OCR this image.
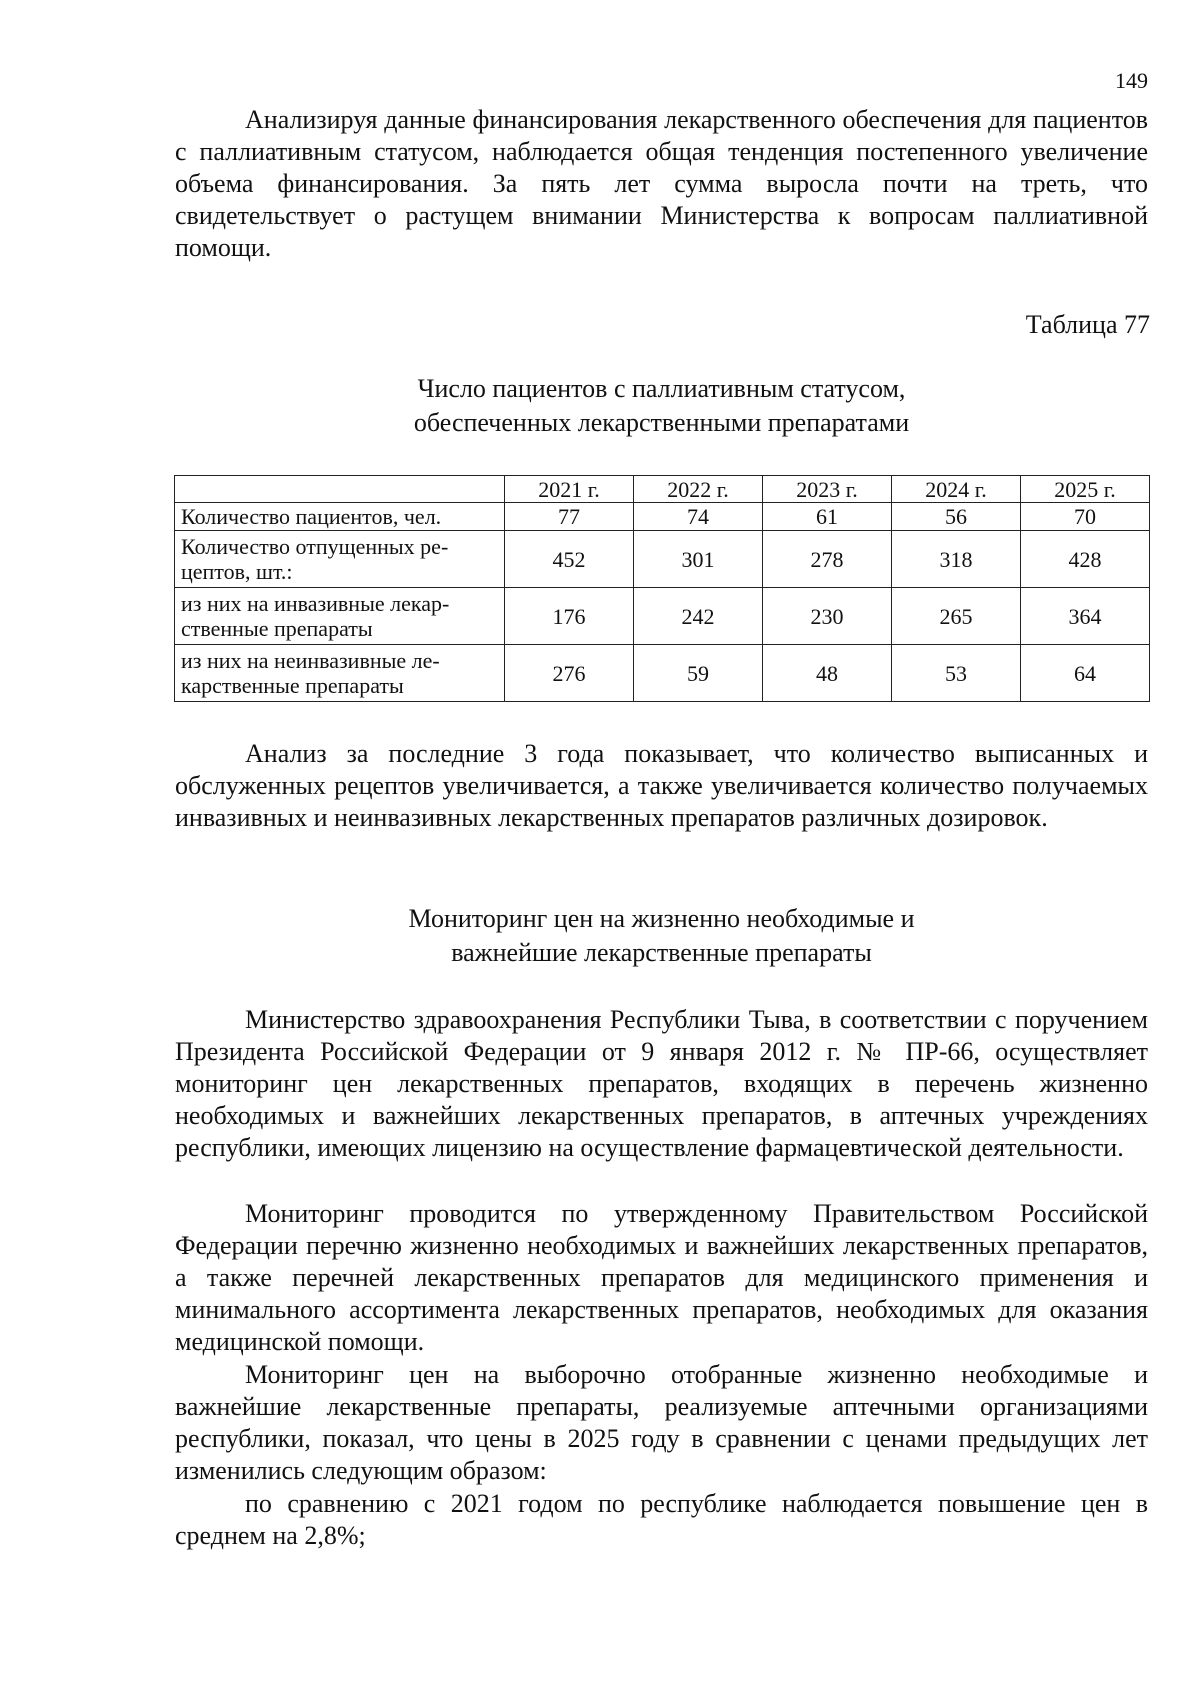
149

Анализируя данные финансирования лекарственного обеспечения для пациентов с паллиативным статусом, наблюдается общая тенденция постепенного увеличение объема финансирования. За пять лет сумма выросла почти на треть, что свидетельствует о растущем внимании Министерства к вопросам паллиативной помощи.

Таблица 77
Число пациентов с паллиативным статусом,
обеспеченных лекарственными препаратами
	2021 г.	2022 г.	2023 г.	2024 г.	2025 г.
Количество пациентов, чел.	77	74	61	56	70
Количество отпущенных рецептов, шт.:	452	301	278	318	428
из них на инвазивные лекарственные препараты	176	242	230	265	364
из них на неинвазивные лекарственные препараты	276	59	48	53	64

Анализ за последние 3 года показывает, что количество выписанных и обслуженных рецептов увеличивается, а также увеличивается количество получаемых инвазивных и неинвазивных лекарственных препаратов различных дозировок.

Мониторинг цен на жизненно необходимые и
важнейшие лекарственные препараты

Министерство здравоохранения Республики Тыва, в соответствии с поручением Президента Российской Федерации от 9 января 2012 г. № ПР-66, осуществляет мониторинг цен лекарственных препаратов, входящих в перечень жизненно необходимых и важнейших лекарственных препаратов, в аптечных учреждениях республики, имеющих лицензию на осуществление фармацевтической деятельности.

Мониторинг проводится по утвержденному Правительством Российской Федерации перечню жизненно необходимых и важнейших лекарственных препаратов, а также перечней лекарственных препаратов для медицинского применения и минимального ассортимента лекарственных препаратов, необходимых для оказания медицинской помощи.

Мониторинг цен на выборочно отобранные жизненно необходимые и важнейшие лекарственные препараты, реализуемые аптечными организациями республики, показал, что цены в 2025 году в сравнении с ценами предыдущих лет изменились следующим образом:

по сравнению с 2021 годом по республике наблюдается повышение цен в среднем на 2,8%;
